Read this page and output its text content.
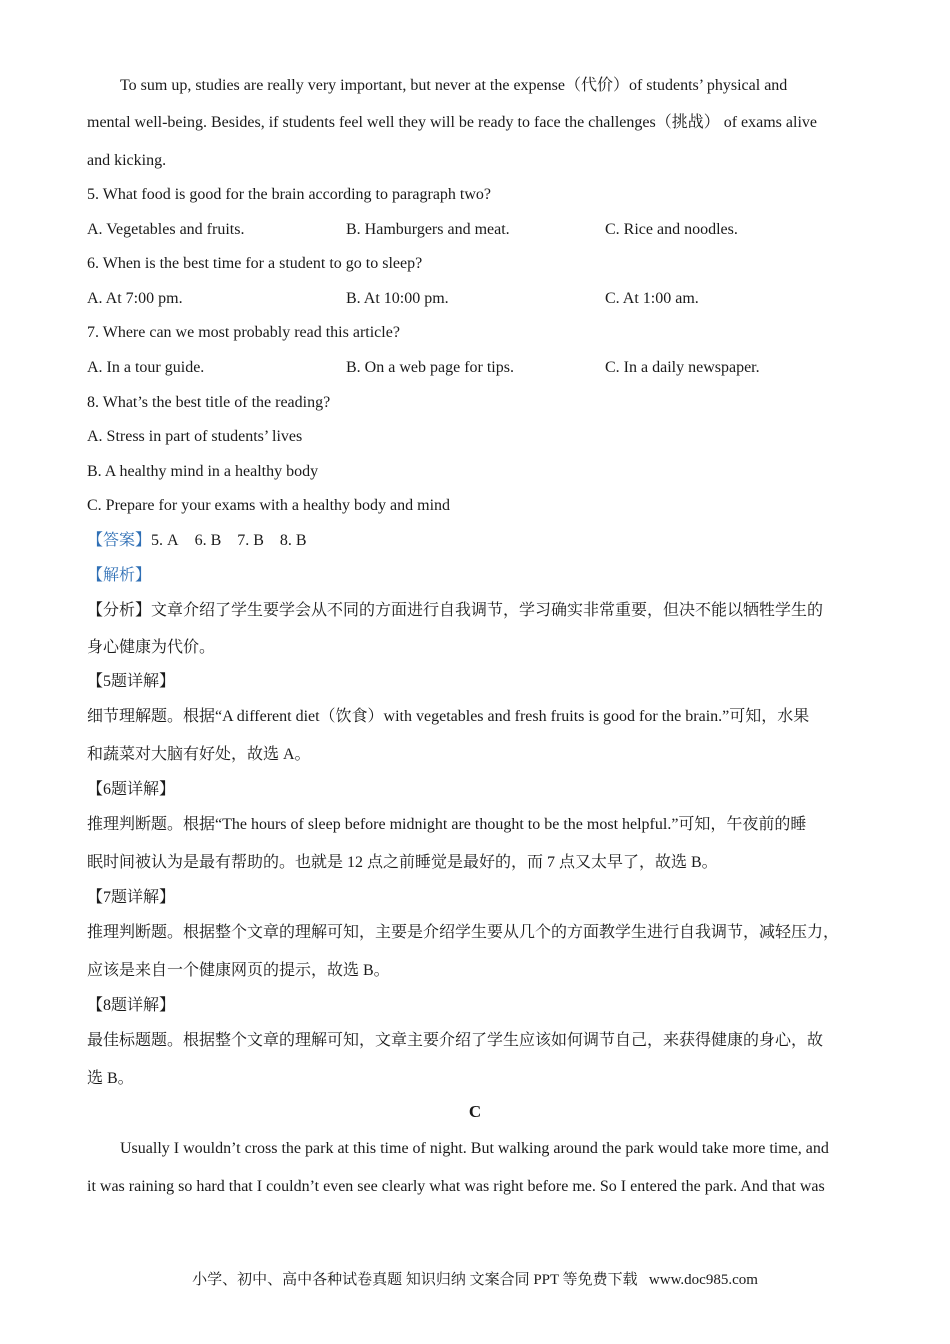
To sum up, studies are really very important, but never at the expense（代价）of students’ physical and
mental well-being. Besides, if students feel well they will be ready to face the challenges（挑战） of exams alive
and kicking.
5. What food is good for the brain according to paragraph two?
A. Vegetables and fruits.	B. Hamburgers and meat.	C. Rice and noodles.
6. When is the best time for a student to go to sleep?
A. At 7:00 pm.	B. At 10:00 pm.	C. At 1:00 am.
7. Where can we most probably read this article?
A. In a tour guide.	B. On a web page for tips.	C. In a daily newspaper.
8. What’s the best title of the reading?
A. Stress in part of students’ lives
B. A healthy mind in a healthy body
C. Prepare for your exams with a healthy body and mind
【答案】5. A    6. B    7. B    8. B
【解析】
【分析】文章介绍了学生要学会从不同的方面进行自我调节，学习确实非常重要，但决不能以牺牲学生的
身心健康为代价。
【5题详解】
细节理解题。根据“A different diet（饮食）with vegetables and fresh fruits is good for the brain.”可知，水果
和蔬菜对大脑有好处，故选 A。
【6题详解】
推理判断题。根据“The hours of sleep before midnight are thought to be the most helpful.”可知，午夜前的睡
眠时间被认为是最有帮助的。也就是 12 点之前睡觉是最好的，而 7 点又太早了，故选 B。
【7题详解】
推理判断题。根据整个文章的理解可知，主要是介绍学生要从几个的方面教学生进行自我调节，减轻压力，
应该是来自一个健康网页的提示，故选 B。
【8题详解】
最佳标题题。根据整个文章的理解可知，文章主要介绍了学生应该如何调节自己，来获得健康的身心，故
选 B。
C
Usually I wouldn’t cross the park at this time of night. But walking around the park would take more time, and
it was raining so hard that I couldn’t even see clearly what was right before me. So I entered the park. And that was
小学、初中、高中各种试卷真题 知识归纳 文案合同 PPT 等免费下载   www.doc985.com
